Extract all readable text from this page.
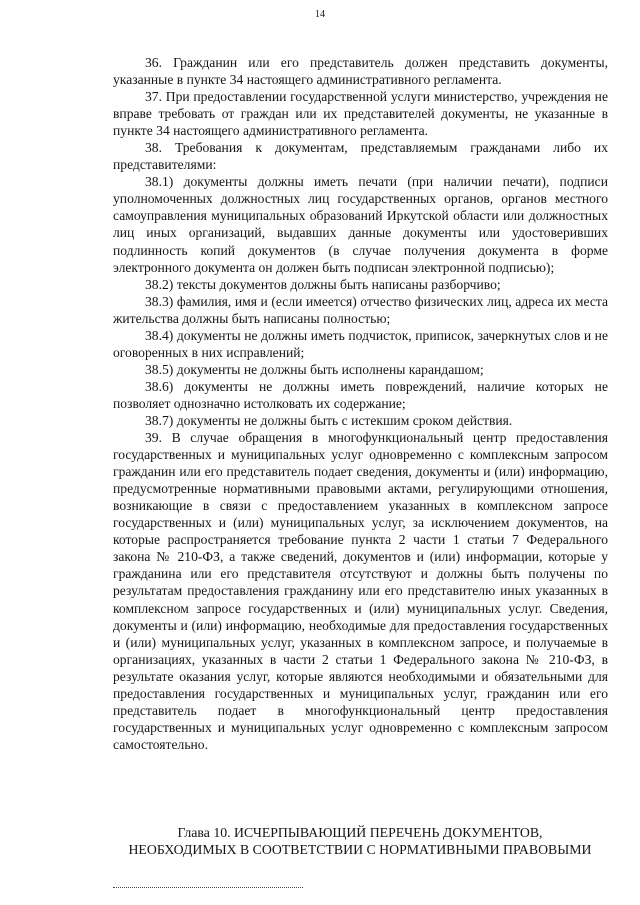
14

36. Гражданин или его представитель должен представить документы, указанные в пункте 34 настоящего административного регламента.

37. При предоставлении государственной услуги министерство, учреждения не вправе требовать от граждан или их представителей документы, не указанные в пункте 34 настоящего административного регламента.

38. Требования к документам, представляемым гражданами либо их представителями:

38.1) документы должны иметь печати (при наличии печати), подписи уполномоченных должностных лиц государственных органов, органов местного самоуправления муниципальных образований Иркутской области или должностных лиц иных организаций, выдавших данные документы или удостоверивших подлинность копий документов (в случае получения документа в форме электронного документа он должен быть подписан электронной подписью);

38.2) тексты документов должны быть написаны разборчиво;

38.3) фамилия, имя и (если имеется) отчество физических лиц, адреса их места жительства должны быть написаны полностью;

38.4) документы не должны иметь подчисток, приписок, зачеркнутых слов и не оговоренных в них исправлений;

38.5) документы не должны быть исполнены карандашом;

38.6) документы не должны иметь повреждений, наличие которых не позволяет однозначно истолковать их содержание;

38.7) документы не должны быть с истекшим сроком действия.

39. В случае обращения в многофункциональный центр предоставления государственных и муниципальных услуг одновременно с комплексным запросом гражданин или его представитель подает сведения, документы и (или) информацию, предусмотренные нормативными правовыми актами, регулирующими отношения, возникающие в связи с предоставлением указанных в комплексном запросе государственных и (или) муниципальных услуг, за исключением документов, на которые распространяется требование пункта 2 части 1 статьи 7 Федерального закона № 210-ФЗ, а также сведений, документов и (или) информации, которые у гражданина или его представителя отсутствуют и должны быть получены по результатам предоставления гражданину или его представителю иных указанных в комплексном запросе государственных и (или) муниципальных услуг. Сведения, документы и (или) информацию, необходимые для предоставления государственных и (или) муниципальных услуг, указанных в комплексном запросе, и получаемые в организациях, указанных в части 2 статьи 1 Федерального закона № 210-ФЗ, в результате оказания услуг, которые являются необходимыми и обязательными для предоставления государственных и муниципальных услуг, гражданин или его представитель подает в многофункциональный центр предоставления государственных и муниципальных услуг одновременно с комплексным запросом самостоятельно.

Глава 10. ИСЧЕРПЫВАЮЩИЙ ПЕРЕЧЕНЬ ДОКУМЕНТОВ,
НЕОБХОДИМЫХ В СООТВЕТСТВИИ С НОРМАТИВНЫМИ ПРАВОВЫМИ
